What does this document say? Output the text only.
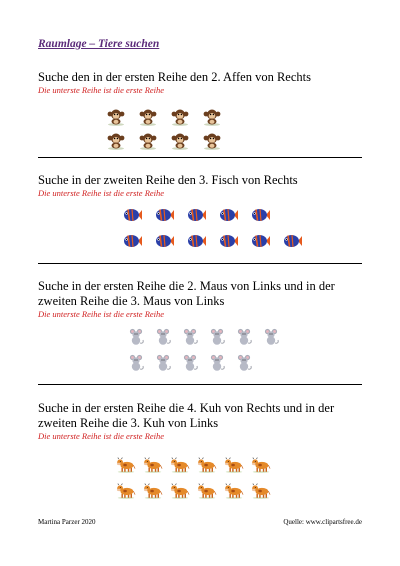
Raumlage – Tiere suchen

Suche den in der ersten Reihe den 2. Affen von Rechts

Die unterste Reihe ist die erste Reihe

Suche in der zweiten Reihe den 3. Fisch von Rechts

Die unterste Reihe ist die erste Reihe

Suche in der ersten Reihe die 2. Maus von Links und in der zweiten Reihe die 3. Maus von Links

Die unterste Reihe ist die erste Reihe

Suche in der ersten Reihe die 4. Kuh von Rechts und in der zweiten Reihe die 3. Kuh von Links

Die unterste Reihe ist die erste Reihe

Martina Parzer 2020	Quelle: www.clipartsfree.de
